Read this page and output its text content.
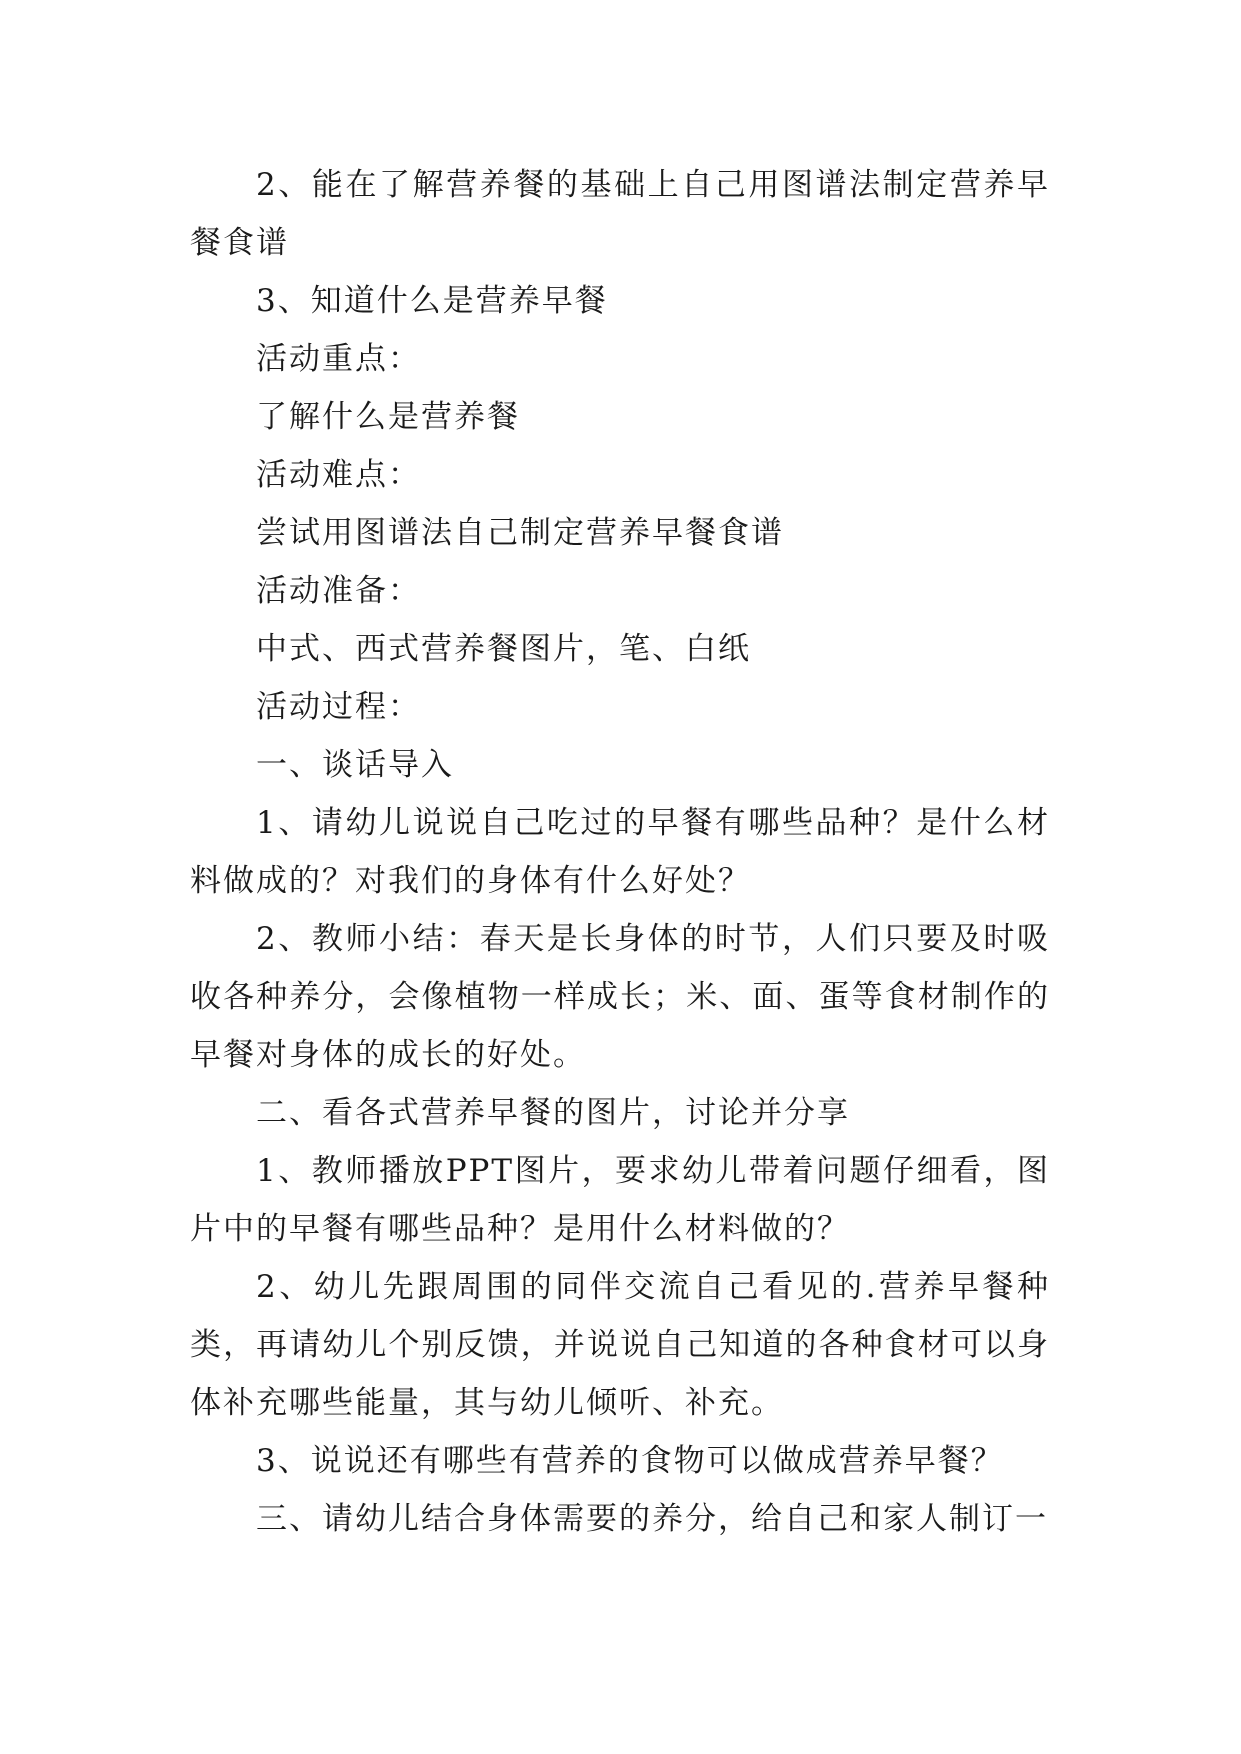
2、能在了解营养餐的基础上自己用图谱法制定营养早餐食谱

3、知道什么是营养早餐

活动重点：

了解什么是营养餐

活动难点：

尝试用图谱法自己制定营养早餐食谱

活动准备：

中式、西式营养餐图片，笔、白纸

活动过程：

一、谈话导入

1、请幼儿说说自己吃过的早餐有哪些品种？是什么材料做成的？对我们的身体有什么好处？

2、教师小结：春天是长身体的时节，人们只要及时吸收各种养分，会像植物一样成长；米、面、蛋等食材制作的早餐对身体的成长的好处。

二、看各式营养早餐的图片，讨论并分享

1、教师播放PPT图片，要求幼儿带着问题仔细看，图片中的早餐有哪些品种？是用什么材料做的？

2、幼儿先跟周围的同伴交流自己看见的.营养早餐种类，再请幼儿个别反馈，并说说自己知道的各种食材可以身体补充哪些能量，其与幼儿倾听、补充。

3、说说还有哪些有营养的食物可以做成营养早餐？

三、请幼儿结合身体需要的养分，给自己和家人制订一
